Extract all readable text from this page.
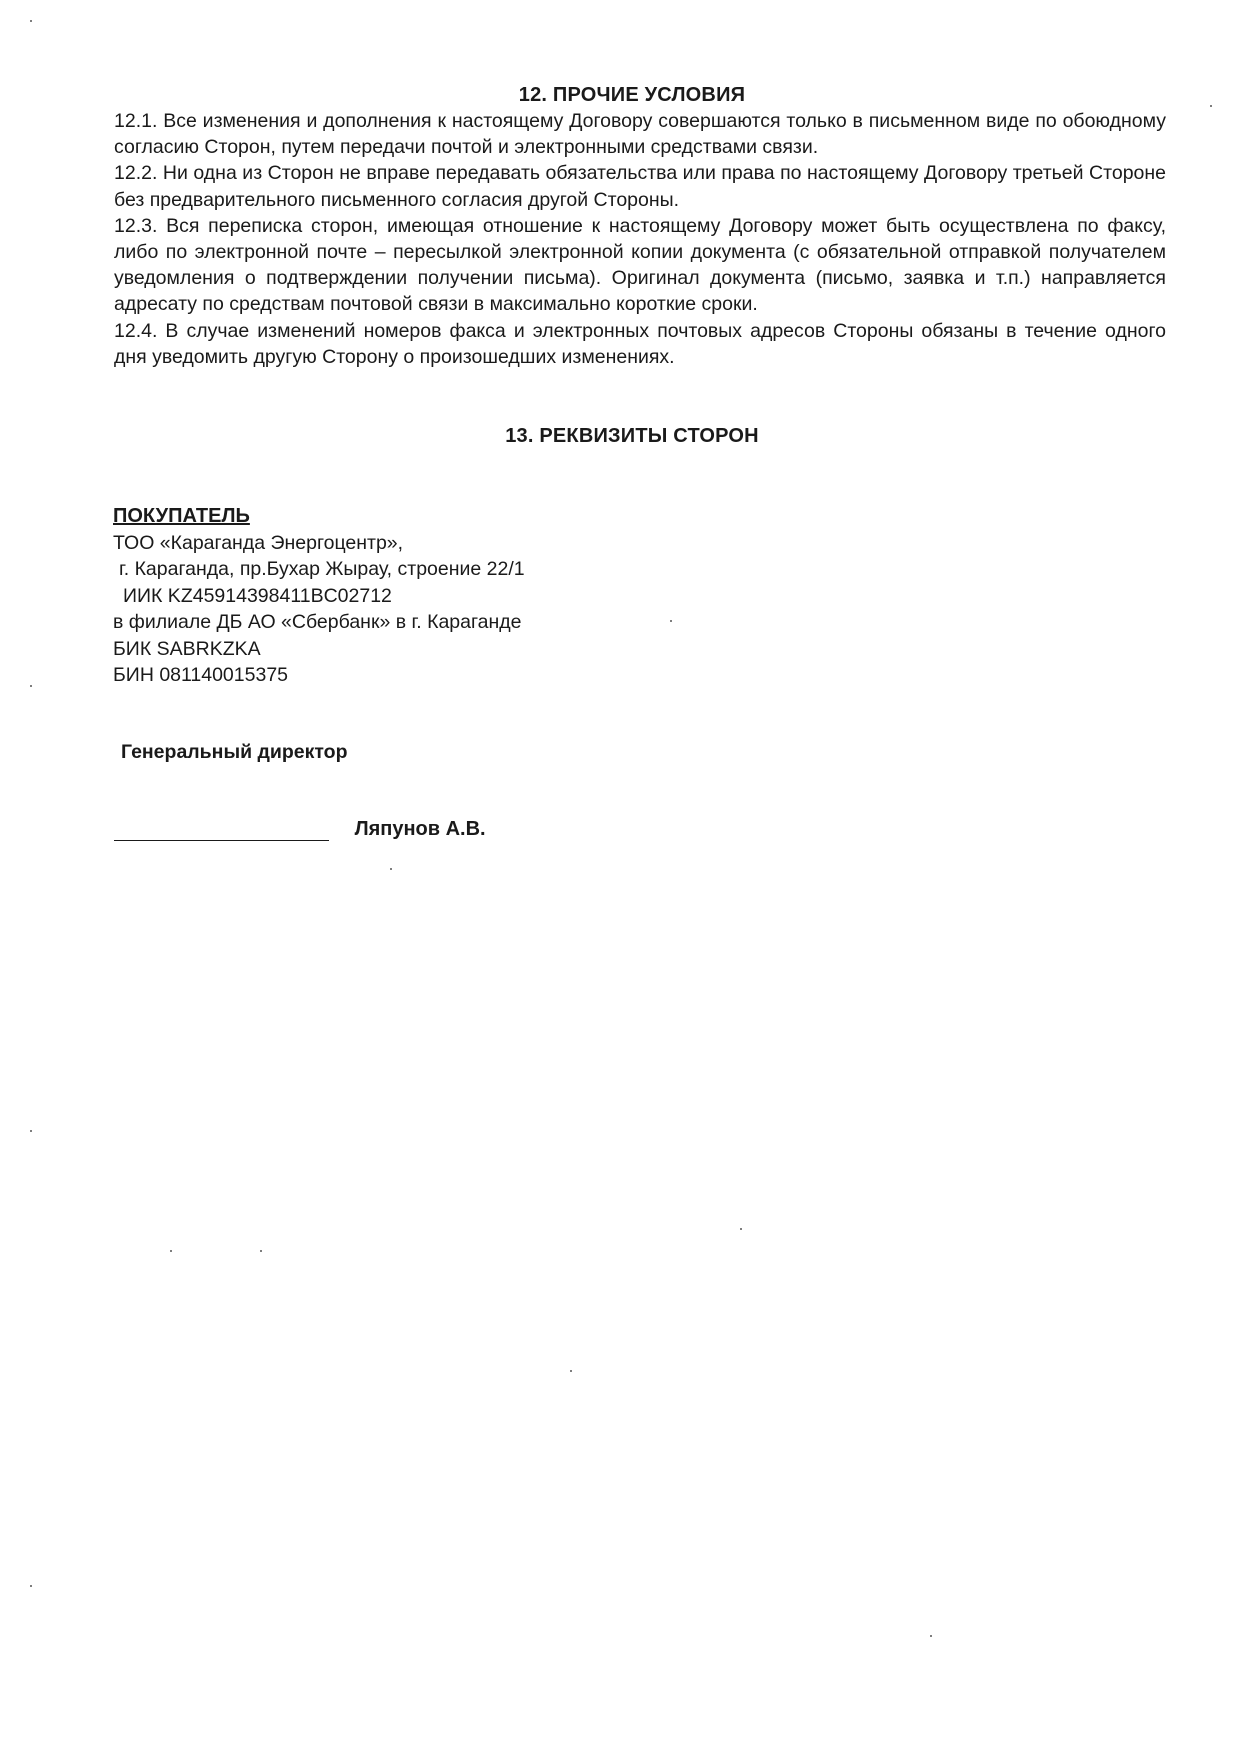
12. ПРОЧИЕ УСЛОВИЯ

12.1. Все изменения и дополнения к настоящему Договору совершаются только в письменном виде по обоюдному согласию Сторон, путем передачи почтой и электронными средствами связи.

12.2. Ни одна из Сторон не вправе передавать обязательства или права по настоящему Договору третьей Стороне без предварительного письменного согласия другой Стороны.

12.3. Вся переписка сторон, имеющая отношение к настоящему Договору может быть осуществлена по факсу, либо по электронной почте – пересылкой электронной копии документа (с обязательной отправкой получателем уведомления о подтверждении получении письма). Оригинал документа (письмо, заявка и т.п.) направляется адресату по средствам почтовой связи в максимально короткие сроки.

12.4. В случае изменений номеров факса и электронных почтовых адресов Стороны обязаны в течение одного дня уведомить другую Сторону о произошедших изменениях.

13. РЕКВИЗИТЫ СТОРОН
ПОКУПАТЕЛЬ
ТОО «Караганда Энергоцентр»,
г. Караганда, пр.Бухар Жырау, строение 22/1
ИИК KZ45914398411BC02712
в филиале ДБ АО «Сбербанк» в г. Караганде
БИК SABRKZKA
БИН 081140015375
Генеральный директор
Ляпунов А.В.
